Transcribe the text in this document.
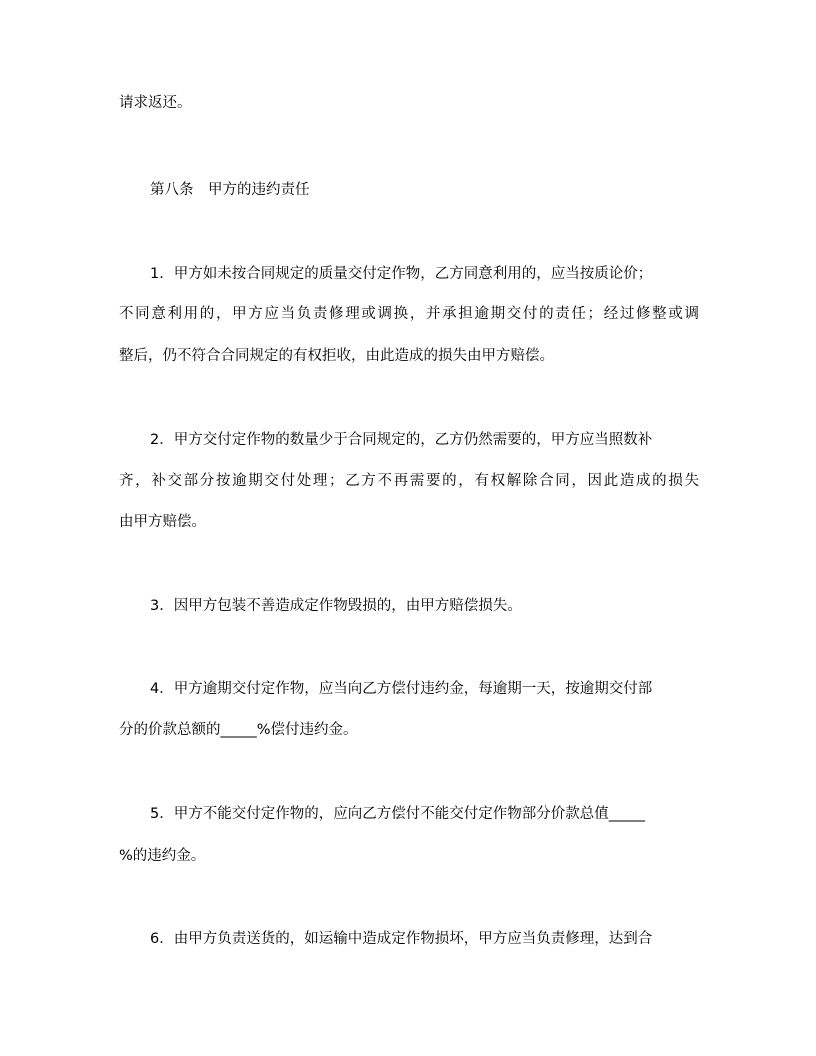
请求返还。
第八条　甲方的违约责任
1．甲方如未按合同规定的质量交付定作物，乙方同意利用的，应当按质论价；
不同意利用的，甲方应当负责修理或调换，并承担逾期交付的责任；经过修整或调
整后，仍不符合合同规定的有权拒收，由此造成的损失由甲方赔偿。
2．甲方交付定作物的数量少于合同规定的，乙方仍然需要的，甲方应当照数补
齐，补交部分按逾期交付处理；乙方不再需要的，有权解除合同，因此造成的损失
由甲方赔偿。
3．因甲方包装不善造成定作物毁损的，由甲方赔偿损失。
4．甲方逾期交付定作物，应当向乙方偿付违约金，每逾期一天，按逾期交付部
分的价款总额的_____%偿付违约金。
5．甲方不能交付定作物的，应向乙方偿付不能交付定作物部分价款总值_____
%的违约金。
6．由甲方负责送货的，如运输中造成定作物损坏，甲方应当负责修理，达到合
